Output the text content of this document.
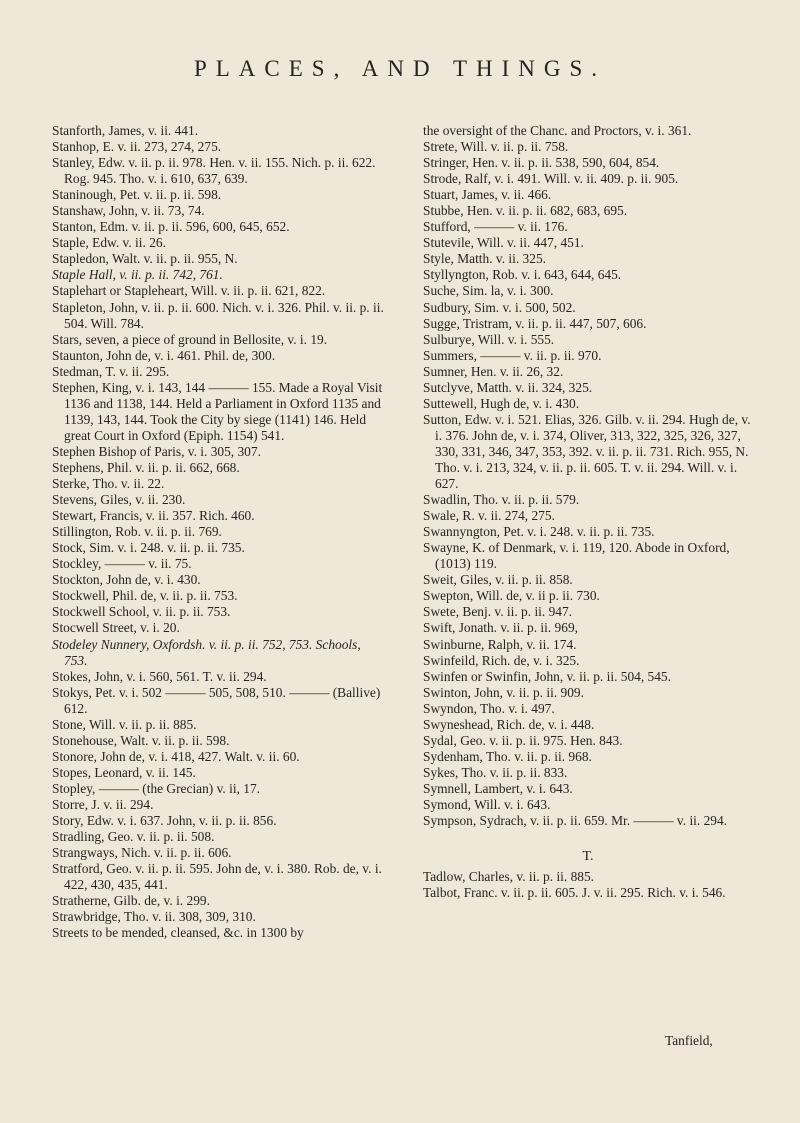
PLACES, AND THINGS.
Stanforth, James, v. ii. 441.
Stanhop, E. v. ii. 273, 274, 275.
Stanley, Edw. v. ii. p. ii. 978. Hen. v. ii. 155. Nich. p. ii. 622. Rog. 945. Tho. v. i. 610, 637, 639.
Staninough, Pet. v. ii. p. ii. 598.
Stanshaw, John, v. ii. 73, 74.
Stanton, Edm. v. ii. p. ii. 596, 600, 645, 652.
Staple, Edw. v. ii. 26.
Stapledon, Walt. v. ii. p. ii. 955, N.
Staple Hall, v. ii. p. ii. 742, 761.
Staplehart or Stapleheart, Will. v. ii. p. ii. 621, 822.
Stapleton, John, v. ii. p. ii. 600. Nich. v. i. 326. Phil. v. ii. p. ii. 504. Will. 784.
Stars, seven, a piece of ground in Bellosite, v. i. 19.
Staunton, John de, v. i. 461. Phil. de, 300.
Stedman, T. v. ii. 295.
Stephen, King, v. i. 143, 144 ——— 155. Made a Royal Visit 1136 and 1138, 144. Held a Parliament in Oxford 1135 and 1139, 143, 144. Took the City by siege (1141) 146. Held great Court in Oxford (Epiph. 1154) 541.
Stephen Bishop of Paris, v. i. 305, 307.
Stephens, Phil. v. ii. p. ii. 662, 668.
Sterke, Tho. v. ii. 22.
Stevens, Giles, v. ii. 230.
Stewart, Francis, v. ii. 357. Rich. 460.
Stillington, Rob. v. ii. p. ii. 769.
Stock, Sim. v. i. 248. v. ii. p. ii. 735.
Stockley, ——— v. ii. 75.
Stockton, John de, v. i. 430.
Stockwell, Phil. de, v. ii. p. ii. 753.
Stockwell School, v. ii. p. ii. 753.
Stocwell Street, v. i. 20.
Stodeley Nunnery, Oxfordsh. v. ii. p. ii. 752, 753. Schools, 753.
Stokes, John, v. i. 560, 561. T. v. ii. 294.
Stokys, Pet. v. i. 502 ——— 505, 508, 510. ——— (Ballive) 612.
Stone, Will. v. ii. p. ii. 885.
Stonehouse, Walt. v. ii. p. ii. 598.
Stonore, John de, v. i. 418, 427. Walt. v. ii. 60.
Stopes, Leonard, v. ii. 145.
Stopley, ——— (the Grecian) v. ii, 17.
Storre, J. v. ii. 294.
Story, Edw. v. i. 637. John, v. ii. p. ii. 856.
Stradling, Geo. v. ii. p. ii. 508.
Strangways, Nich. v. ii. p. ii. 606.
Stratford, Geo. v. ii. p. ii. 595. John de, v. i. 380. Rob. de, v. i. 422, 430, 435, 441.
Stratherne, Gilb. de, v. i. 299.
Strawbridge, Tho. v. ii. 308, 309, 310.
Streets to be mended, cleansed, &c. in 1300 by
the oversight of the Chanc. and Proctors, v. i. 361.
Strete, Will. v. ii. p. ii. 758.
Stringer, Hen. v. ii. p. ii. 538, 590, 604, 854.
Strode, Ralf, v. i. 491. Will. v. ii. 409. p. ii. 905.
Stuart, James, v. ii. 466.
Stubbe, Hen. v. ii. p. ii. 682, 683, 695.
Stufford, ——— v. ii. 176.
Stutevile, Will. v. ii. 447, 451.
Style, Matth. v. ii. 325.
Styllyngton, Rob. v. i. 643, 644, 645.
Suche, Sim. la, v. i. 300.
Sudbury, Sim. v. i. 500, 502.
Sugge, Tristram, v. ii. p. ii. 447, 507, 606.
Sulburye, Will. v. i. 555.
Summers, ——— v. ii. p. ii. 970.
Sumner, Hen. v. ii. 26, 32.
Sutclyve, Matth. v. ii. 324, 325.
Suttewell, Hugh de, v. i. 430.
Sutton, Edw. v. i. 521. Elias, 326. Gilb. v. ii. 294. Hugh de, v. i. 376. John de, v. i. 374, Oliver, 313, 322, 325, 326, 327, 330, 331, 346, 347, 353, 392. v. ii. p. ii. 731. Rich. 955, N. Tho. v. i. 213, 324, v. ii. p. ii. 605. T. v. ii. 294. Will. v. i. 627.
Swadlin, Tho. v. ii. p. ii. 579.
Swale, R. v. ii. 274, 275.
Swannyngton, Pet. v. i. 248. v. ii. p. ii. 735.
Swayne, K. of Denmark, v. i. 119, 120. Abode in Oxford, (1013) 119.
Sweit, Giles, v. ii. p. ii. 858.
Swepton, Will. de, v. ii p. ii. 730.
Swete, Benj. v. ii. p. ii. 947.
Swift, Jonath. v. ii. p. ii. 969,
Swinburne, Ralph, v. ii. 174.
Swinfeild, Rich. de, v. i. 325.
Swinfen or Swinfin, John, v. ii. p. ii. 504, 545.
Swinton, John, v. ii. p. ii. 909.
Swyndon, Tho. v. i. 497.
Swyneshead, Rich. de, v. i. 448.
Sydal, Geo. v. ii. p. ii. 975. Hen. 843.
Sydenham, Tho. v. ii. p. ii. 968.
Sykes, Tho. v. ii. p. ii. 833.
Symnell, Lambert, v. i. 643.
Symond, Will. v. i. 643.
Sympson, Sydrach, v. ii. p. ii. 659. Mr. ——— v. ii. 294.
T.
Tadlow, Charles, v. ii. p. ii. 885.
Talbot, Franc. v. ii. p. ii. 605. J. v. ii. 295. Rich. v. i. 546.
Tanfield,
